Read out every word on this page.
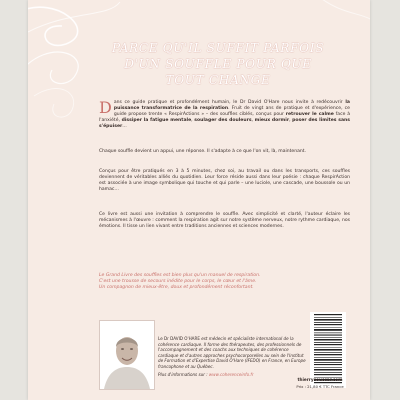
PARCE QU'IL SUFFIT PARFOIS
D'UN SOUFFLE POUR QUE
TOUT CHANGE

Dans ce guide pratique et profondément humain, le Dr David O'Hare nous invite à redécouvrir la puissance transformatrice de la respiration. Fruit de vingt ans de pratique et d'expérience, ce guide propose trente « RespirActions » – des souffles ciblés, conçus pour retrouver le calme face à l'anxiété, dissiper la fatigue mentale, soulager des douleurs, mieux dormir, poser des limites sans s'épuiser…

Chaque souffle devient un appui, une réponse. Il s'adapte à ce que l'on vit, là, maintenant.

Conçus pour être pratiqués en 3 à 5 minutes, chez soi, au travail ou dans les transports, ces souffles deviennent de véritables alliés du quotidien. Leur force réside aussi dans leur poésie : chaque RespirAction est associée à une image symbolique qui touche et qui parle – une luciole, une cascade, une boussole ou un hamac…

Ce livre est aussi une invitation à comprendre le souffle. Avec simplicité et clarté, l'auteur éclaire les mécanismes à l'œuvre : comment la respiration agit sur notre système nerveux, notre rythme cardiaque, nos émotions. Il tisse un lien vivant entre traditions anciennes et sciences modernes.

Le Grand Livre des souffles est bien plus qu'un manuel de respiration.
C'est une trousse de secours inédite pour le corps, le cœur et l'âme.
Un compagnon de mieux-être, doux et profondément réconfortant.
Le Dr DAVID O'HARE est médecin et spécialiste international de la cohérence cardiaque. Il forme des thérapeutes, des professionnels de l'accompagnement et des coachs aux techniques de cohérence cardiaque et d'autres approches psychocorporelles au sein de l'Institut de Formation et d'Expertise David O'Hare (IFEDO) en France, en Europe francophone et au Québec.
Plus d'informations sur : www.coherenceinfo.fr
thierrysouccar.com
Prix : 21,80 € TTC France
